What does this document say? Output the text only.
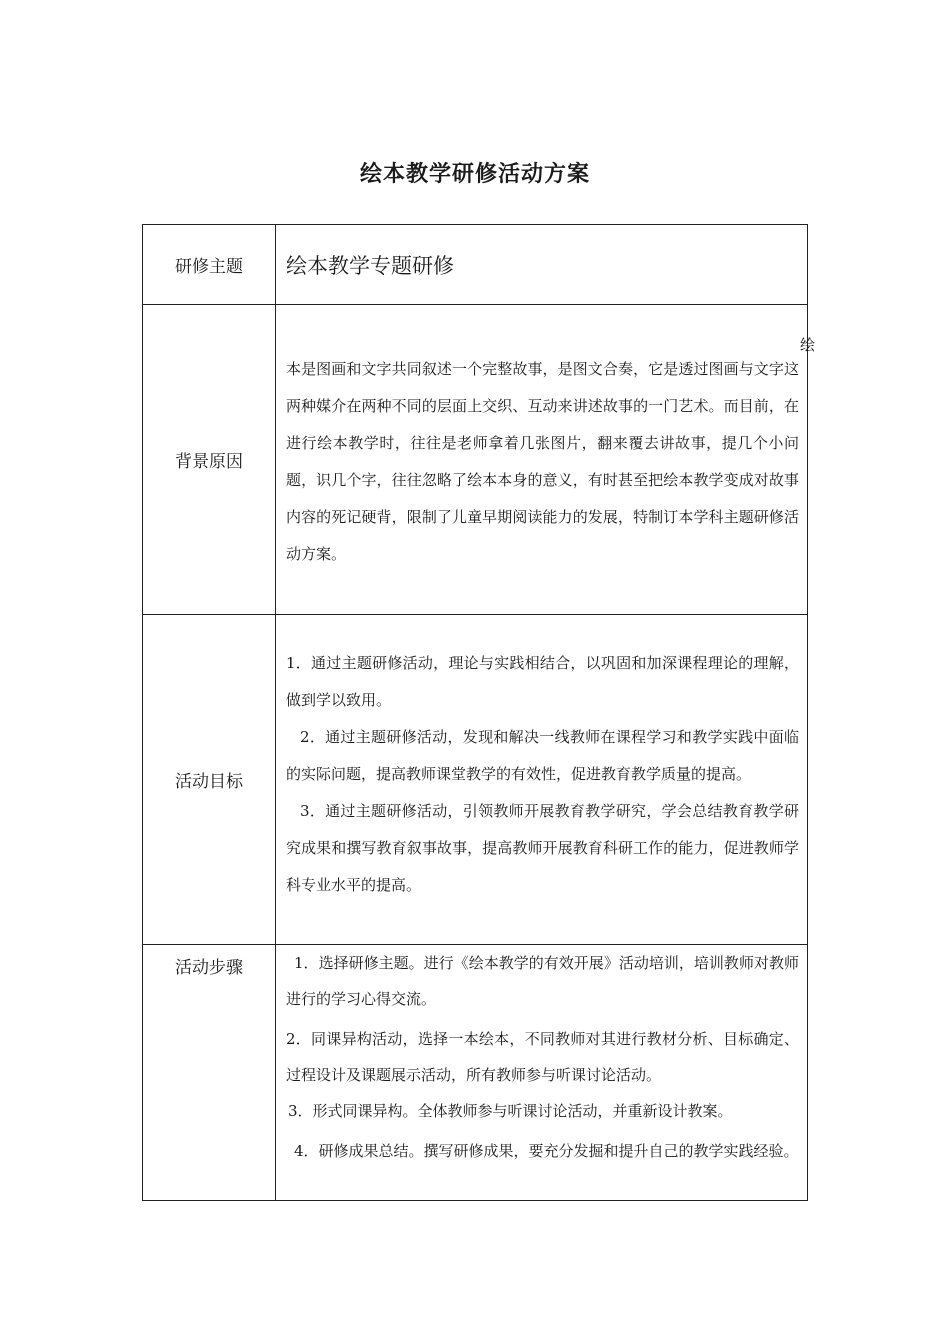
绘本教学研修活动方案
研修主题	绘本教学专题研修
背景原因	绘
本是图画和文字共同叙述一个完整故事，是图文合奏，它是透过图画与文字这两种媒介在两种不同的层面上交织、互动来讲述故事的一门艺术。而目前，在进行绘本教学时，往往是老师拿着几张图片，翻来覆去讲故事，提几个小问题，识几个字，往往忽略了绘本本身的意义，有时甚至把绘本教学变成对故事内容的死记硬背，限制了儿童早期阅读能力的发展，特制订本学科主题研修活动方案。

活动目标	1．通过主题研修活动，理论与实践相结合，以巩固和加深课程理论的理解，做到学以致用。

2．通过主题研修活动，发现和解决一线教师在课程学习和教学实践中面临的实际问题，提高教师课堂教学的有效性，促进教育教学质量的提高。

3．通过主题研修活动，引领教师开展教育教学研究，学会总结教育教学研究成果和撰写教育叙事故事，提高教师开展教育科研工作的能力，促进教师学科专业水平的提高。

活动步骤	1．选择研修主题。进行《绘本教学的有效开展》活动培训，培训教师对教师进行的学习心得交流。

2．同课异构活动，选择一本绘本，不同教师对其进行教材分析、目标确定、过程设计及课题展示活动，所有教师参与听课讨论活动。

3．形式同课异构。全体教师参与听课讨论活动，并重新设计教案。

4．研修成果总结。撰写研修成果，要充分发掘和提升自己的教学实践经验。
